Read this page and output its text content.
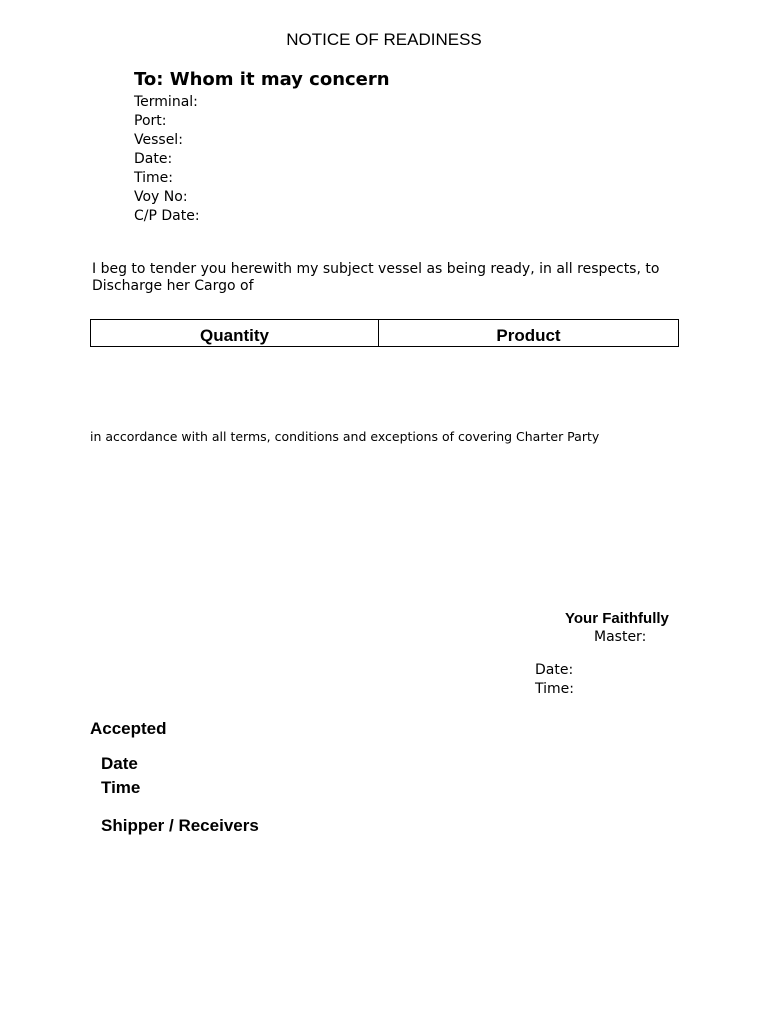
NOTICE OF READINESS
To: Whom it may concern
Terminal:
Port:
Vessel:
Date:
Time:
Voy No:
C/P Date:
I beg to tender you herewith my subject vessel as being ready, in all respects, to
Discharge her Cargo of
Quantity	Product
in accordance with all terms, conditions and exceptions of covering Charter Party
Your Faithfully
Master:
Date:
Time:
Accepted
Date
Time
Shipper / Receivers
